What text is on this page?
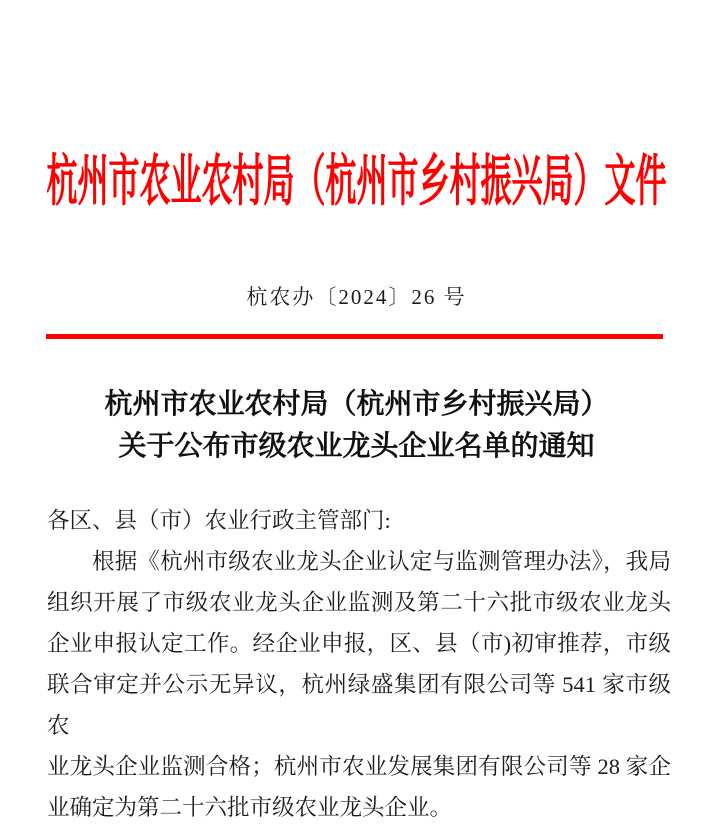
杭州市农业农村局（杭州市乡村振兴局）文件
杭农办〔2024〕26 号
杭州市农业农村局（杭州市乡村振兴局）
关于公布市级农业龙头企业名单的通知
各区、县（市）农业行政主管部门:
根据《杭州市级农业龙头企业认定与监测管理办法》，我局
组织开展了市级农业龙头企业监测及第二十六批市级农业龙头
企业申报认定工作。经企业申报，区、县（市)初审推荐，市级
联合审定并公示无异议，杭州绿盛集团有限公司等 541 家市级农
业龙头企业监测合格；杭州市农业发展集团有限公司等 28 家企
业确定为第二十六批市级农业龙头企业。
